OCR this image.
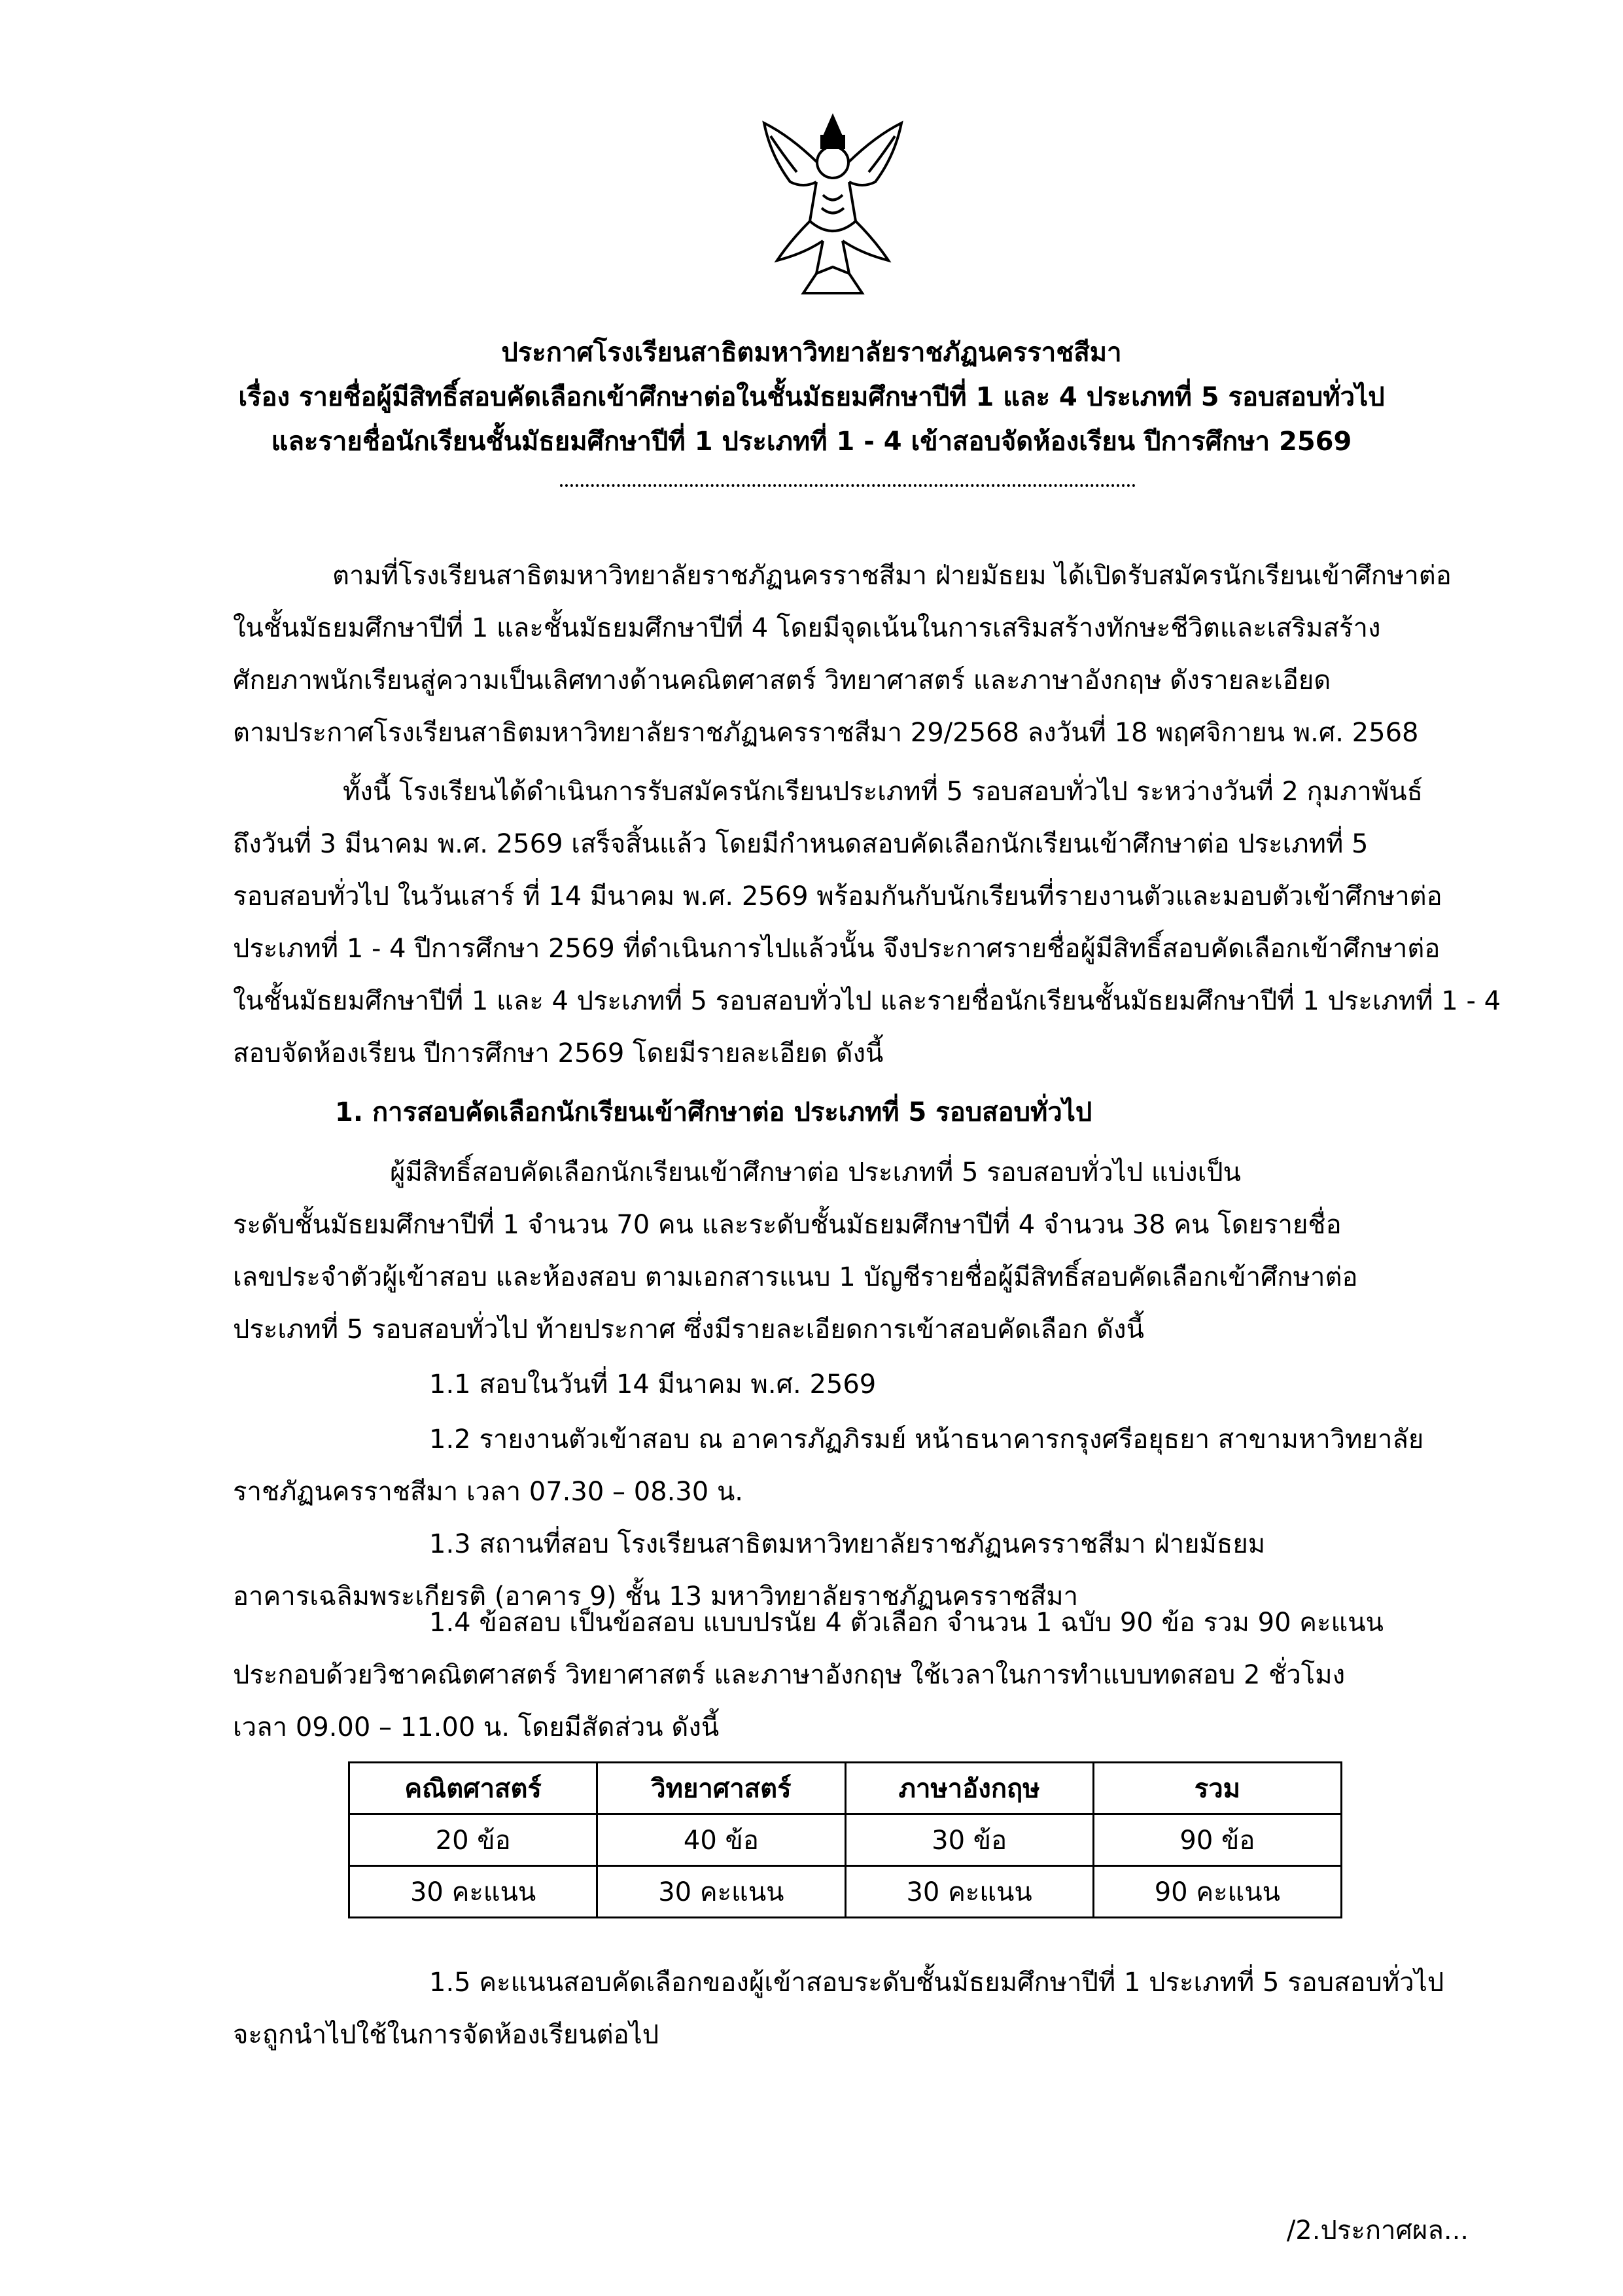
ประกาศโรงเรียนสาธิตมหาวิทยาลัยราชภัฏนครราชสีมา
เรื่อง รายชื่อผู้มีสิทธิ์สอบคัดเลือกเข้าศึกษาต่อในชั้นมัธยมศึกษาปีที่ 1 และ 4 ประเภทที่ 5 รอบสอบทั่วไป
และรายชื่อนักเรียนชั้นมัธยมศึกษาปีที่ 1 ประเภทที่ 1 - 4 เข้าสอบจัดห้องเรียน ปีการศึกษา 2569
ตามที่โรงเรียนสาธิตมหาวิทยาลัยราชภัฏนครราชสีมา ฝ่ายมัธยม ได้เปิดรับสมัครนักเรียนเข้าศึกษาต่อ
ในชั้นมัธยมศึกษาปีที่ 1 และชั้นมัธยมศึกษาปีที่ 4 โดยมีจุดเน้นในการเสริมสร้างทักษะชีวิตและเสริมสร้าง
ศักยภาพนักเรียนสู่ความเป็นเลิศทางด้านคณิตศาสตร์ วิทยาศาสตร์ และภาษาอังกฤษ ดังรายละเอียด
ตามประกาศโรงเรียนสาธิตมหาวิทยาลัยราชภัฏนครราชสีมา 29/2568 ลงวันที่ 18 พฤศจิกายน พ.ศ. 2568
ทั้งนี้ โรงเรียนได้ดำเนินการรับสมัครนักเรียนประเภทที่ 5 รอบสอบทั่วไป ระหว่างวันที่ 2 กุมภาพันธ์
ถึงวันที่ 3 มีนาคม พ.ศ. 2569 เสร็จสิ้นแล้ว โดยมีกำหนดสอบคัดเลือกนักเรียนเข้าศึกษาต่อ ประเภทที่ 5
รอบสอบทั่วไป ในวันเสาร์ ที่ 14 มีนาคม พ.ศ. 2569 พร้อมกันกับนักเรียนที่รายงานตัวและมอบตัวเข้าศึกษาต่อ
ประเภทที่ 1 - 4 ปีการศึกษา 2569 ที่ดำเนินการไปแล้วนั้น จึงประกาศรายชื่อผู้มีสิทธิ์สอบคัดเลือกเข้าศึกษาต่อ
ในชั้นมัธยมศึกษาปีที่ 1 และ 4 ประเภทที่ 5 รอบสอบทั่วไป และรายชื่อนักเรียนชั้นมัธยมศึกษาปีที่ 1 ประเภทที่ 1 - 4
สอบจัดห้องเรียน ปีการศึกษา 2569 โดยมีรายละเอียด ดังนี้
1. การสอบคัดเลือกนักเรียนเข้าศึกษาต่อ ประเภทที่ 5 รอบสอบทั่วไป
ผู้มีสิทธิ์สอบคัดเลือกนักเรียนเข้าศึกษาต่อ ประเภทที่ 5 รอบสอบทั่วไป แบ่งเป็น
ระดับชั้นมัธยมศึกษาปีที่ 1 จำนวน 70 คน และระดับชั้นมัธยมศึกษาปีที่ 4 จำนวน 38 คน โดยรายชื่อ
เลขประจำตัวผู้เข้าสอบ และห้องสอบ ตามเอกสารแนบ 1 บัญชีรายชื่อผู้มีสิทธิ์สอบคัดเลือกเข้าศึกษาต่อ
ประเภทที่ 5 รอบสอบทั่วไป ท้ายประกาศ ซึ่งมีรายละเอียดการเข้าสอบคัดเลือก ดังนี้
1.1 สอบในวันที่ 14 มีนาคม พ.ศ. 2569
1.2 รายงานตัวเข้าสอบ ณ อาคารภัฏภิรมย์ หน้าธนาคารกรุงศรีอยุธยา สาขามหาวิทยาลัย
ราชภัฏนครราชสีมา เวลา 07.30 – 08.30 น.
1.3 สถานที่สอบ โรงเรียนสาธิตมหาวิทยาลัยราชภัฏนครราชสีมา ฝ่ายมัธยม
อาคารเฉลิมพระเกียรติ (อาคาร 9) ชั้น 13 มหาวิทยาลัยราชภัฏนครราชสีมา
1.4 ข้อสอบ เป็นข้อสอบ แบบปรนัย 4 ตัวเลือก จำนวน 1 ฉบับ 90 ข้อ รวม 90 คะแนน
ประกอบด้วยวิชาคณิตศาสตร์ วิทยาศาสตร์ และภาษาอังกฤษ ใช้เวลาในการทำแบบทดสอบ 2 ชั่วโมง
เวลา 09.00 – 11.00 น. โดยมีสัดส่วน ดังนี้
คณิตศาสตร์	วิทยาศาสตร์	ภาษาอังกฤษ	รวม
20 ข้อ	40 ข้อ	30 ข้อ	90 ข้อ
30 คะแนน	30 คะแนน	30 คะแนน	90 คะแนน
1.5 คะแนนสอบคัดเลือกของผู้เข้าสอบระดับชั้นมัธยมศึกษาปีที่ 1 ประเภทที่ 5 รอบสอบทั่วไป
จะถูกนำไปใช้ในการจัดห้องเรียนต่อไป
/2.ประกาศผล...
